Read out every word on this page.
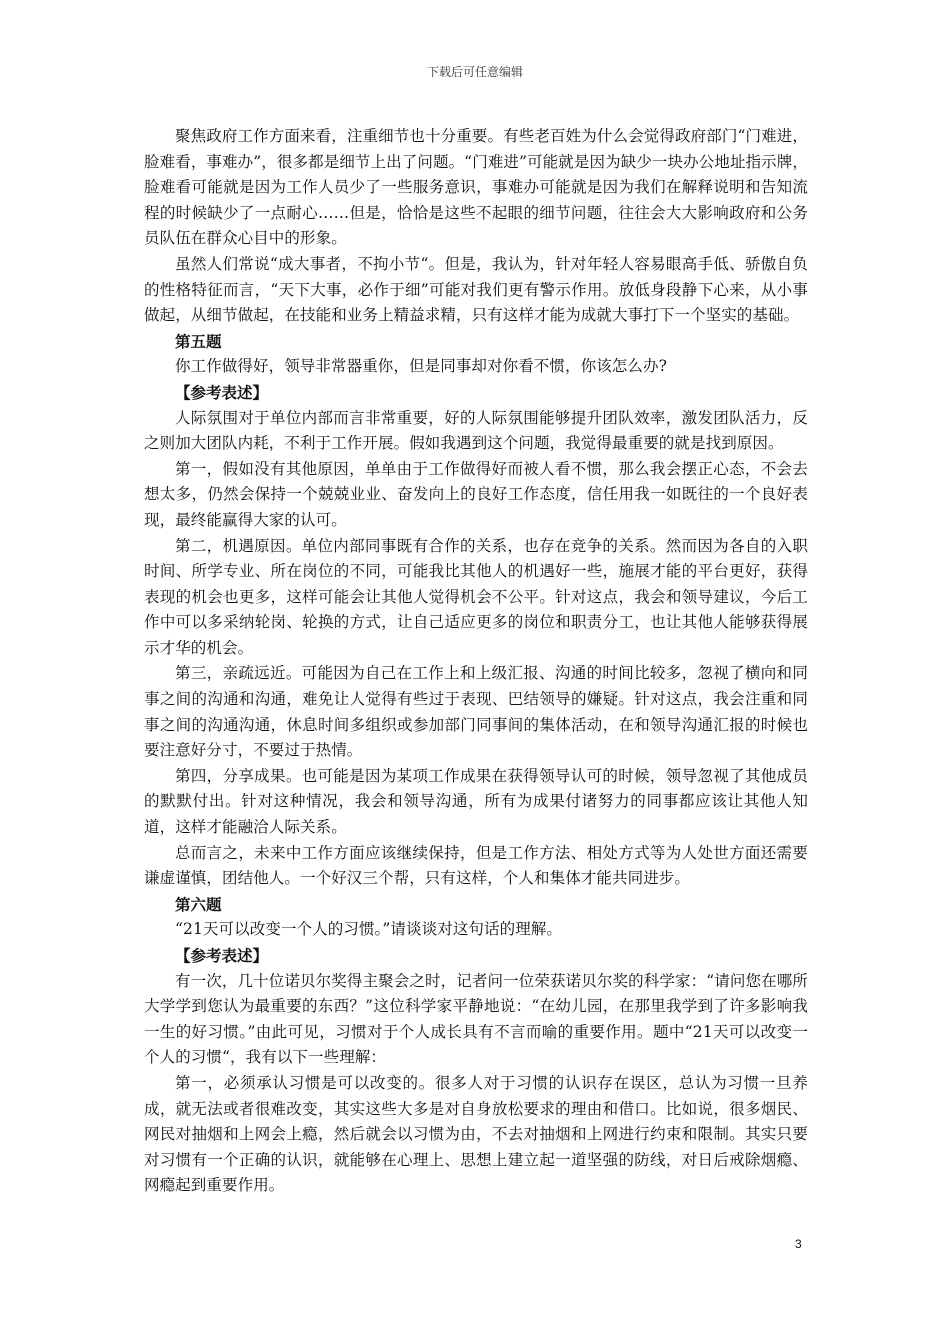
下载后可任意编辑

聚焦政府工作方面来看，注重细节也十分重要。有些老百姓为什么会觉得政府部门“门难进，脸难看，事难办”，很多都是细节上出了问题。“门难进”可能就是因为缺少一块办公地址指示牌，脸难看可能就是因为工作人员少了一些服务意识，事难办可能就是因为我们在解释说明和告知流程的时候缺少了一点耐心……但是，恰恰是这些不起眼的细节问题，往往会大大影响政府和公务员队伍在群众心目中的形象。

虽然人们常说“成大事者，不拘小节“。但是，我认为，针对年轻人容易眼高手低、骄傲自负的性格特征而言，“天下大事，必作于细”可能对我们更有警示作用。放低身段静下心来，从小事做起，从细节做起，在技能和业务上精益求精，只有这样才能为成就大事打下一个坚实的基础。

第五题

你工作做得好，领导非常器重你，但是同事却对你看不惯，你该怎么办?

【参考表述】

人际氛围对于单位内部而言非常重要，好的人际氛围能够提升团队效率，激发团队活力，反之则加大团队内耗，不利于工作开展。假如我遇到这个问题，我觉得最重要的就是找到原因。

第一，假如没有其他原因，单单由于工作做得好而被人看不惯，那么我会摆正心态，不会去想太多，仍然会保持一个兢兢业业、奋发向上的良好工作态度，信任用我一如既往的一个良好表现，最终能赢得大家的认可。

第二，机遇原因。单位内部同事既有合作的关系，也存在竞争的关系。然而因为各自的入职时间、所学专业、所在岗位的不同，可能我比其他人的机遇好一些，施展才能的平台更好，获得表现的机会也更多，这样可能会让其他人觉得机会不公平。针对这点，我会和领导建议，今后工作中可以多采纳轮岗、轮换的方式，让自己适应更多的岗位和职责分工，也让其他人能够获得展示才华的机会。

第三，亲疏远近。可能因为自己在工作上和上级汇报、沟通的时间比较多，忽视了横向和同事之间的沟通和沟通，难免让人觉得有些过于表现、巴结领导的嫌疑。针对这点，我会注重和同事之间的沟通沟通，休息时间多组织或参加部门同事间的集体活动，在和领导沟通汇报的时候也要注意好分寸，不要过于热情。

第四，分享成果。也可能是因为某项工作成果在获得领导认可的时候，领导忽视了其他成员的默默付出。针对这种情况，我会和领导沟通，所有为成果付诸努力的同事都应该让其他人知道，这样才能融洽人际关系。

总而言之，未来中工作方面应该继续保持，但是工作方法、相处方式等为人处世方面还需要谦虚谨慎，团结他人。一个好汉三个帮，只有这样，个人和集体才能共同进步。

第六题

“21天可以改变一个人的习惯。”请谈谈对这句话的理解。

【参考表述】

有一次，几十位诺贝尔奖得主聚会之时，记者问一位荣获诺贝尔奖的科学家：“请问您在哪所大学学到您认为最重要的东西？”这位科学家平静地说：“在幼儿园，在那里我学到了许多影响我一生的好习惯。”由此可见，习惯对于个人成长具有不言而喻的重要作用。题中“21天可以改变一个人的习惯“，我有以下一些理解：

第一，必须承认习惯是可以改变的。很多人对于习惯的认识存在误区，总认为习惯一旦养成，就无法或者很难改变，其实这些大多是对自身放松要求的理由和借口。比如说，很多烟民、网民对抽烟和上网会上瘾，然后就会以习惯为由，不去对抽烟和上网进行约束和限制。其实只要对习惯有一个正确的认识，就能够在心理上、思想上建立起一道坚强的防线，对日后戒除烟瘾、网瘾起到重要作用。

3
